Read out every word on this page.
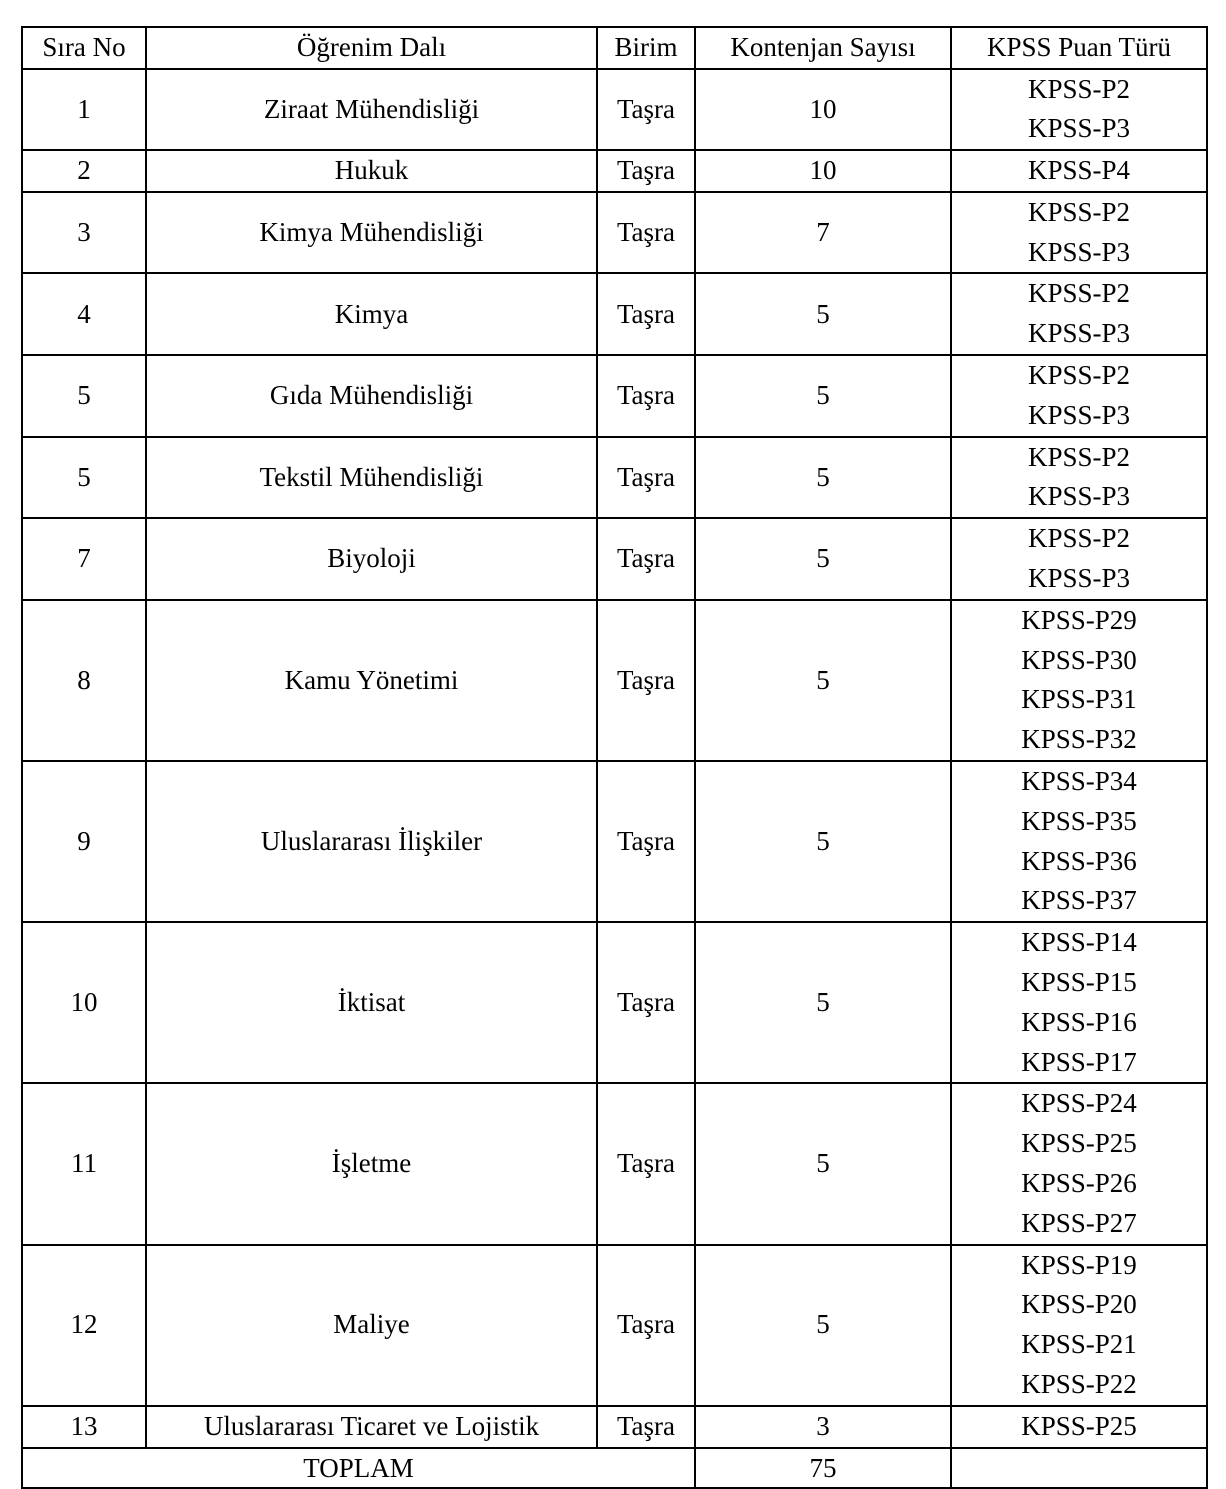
Sıra No	Öğrenim Dalı	Birim	Kontenjan Sayısı	KPSS Puan Türü
1	Ziraat Mühendisliği	Taşra	10	KPSS-P2
KPSS-P3

2	Hukuk	Taşra	10	KPSS-P4

3	Kimya Mühendisliği	Taşra	7	KPSS-P2
KPSS-P3

4	Kimya	Taşra	5	KPSS-P2
KPSS-P3

5	Gıda Mühendisliği	Taşra	5	KPSS-P2
KPSS-P3

5	Tekstil Mühendisliği	Taşra	5	KPSS-P2
KPSS-P3

7	Biyoloji	Taşra	5	KPSS-P2
KPSS-P3

8	Kamu Yönetimi	Taşra	5	KPSS-P29
KPSS-P30
KPSS-P31
KPSS-P32

9	Uluslararası İlişkiler	Taşra	5	KPSS-P34
KPSS-P35
KPSS-P36
KPSS-P37

10	İktisat	Taşra	5	KPSS-P14
KPSS-P15
KPSS-P16
KPSS-P17

11	İşletme	Taşra	5	KPSS-P24
KPSS-P25
KPSS-P26
KPSS-P27

12	Maliye	Taşra	5	KPSS-P19
KPSS-P20
KPSS-P21
KPSS-P22

13	Uluslararası Ticaret ve Lojistik	Taşra	3	KPSS-P25

TOPLAM			75	
